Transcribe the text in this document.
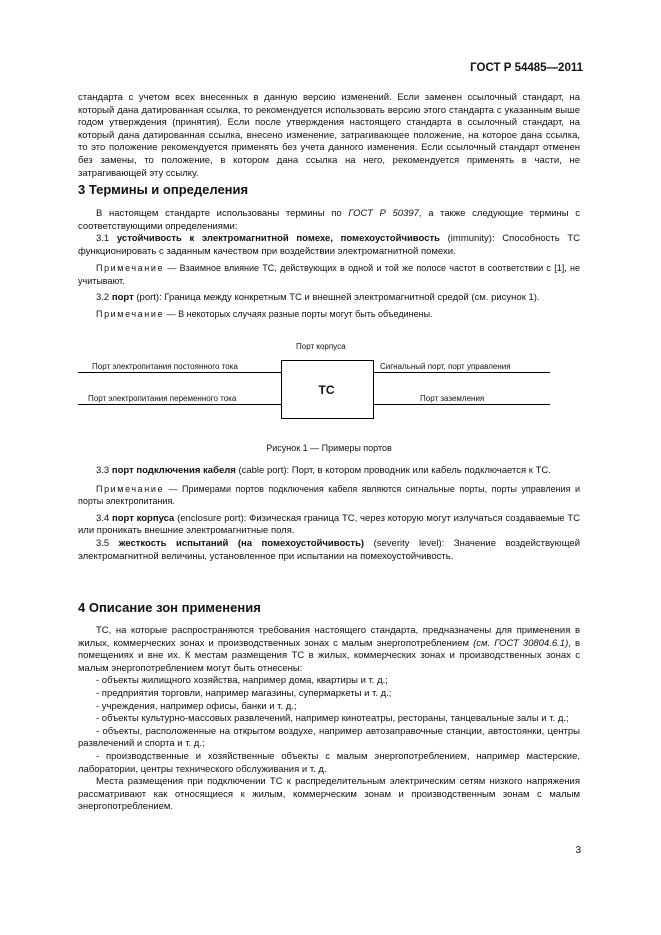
ГОСТ Р 54485—2011
стандарта с учетом всех внесенных в данную версию изменений. Если заменен ссылочный стандарт, на который дана датированная ссылка, то рекомендуется использовать версию этого стандарта с указанным выше годом утверждения (принятия). Если после утверждения настоящего стандарта в ссылочный стандарт, на который дана датированная ссылка, внесено изменение, затрагивающее положение, на которое дана ссылка, то это положение рекомендуется применять без учета данного изменения. Если ссылочный стандарт отменен без замены, то положение, в котором дана ссылка на него, рекомендуется применять в части, не затрагивающей эту ссылку.
3 Термины и определения

В настоящем стандарте использованы термины по ГОСТ Р 50397, а также следующие термины с соответствующими определениями:

3.1 устойчивость к электромагнитной помехе, помехоустойчивость (immunity): Способность ТС функционировать с заданным качеством при воздействии электромагнитной помехи.

Примечание — Взаимное влияние ТС, действующих в одной и той же полосе частот в соответствии с [1], не учитывают.

3.2 порт (port): Граница между конкретным ТС и внешней электромагнитной средой (см. рисунок 1).

Примечание — В некоторых случаях разные порты могут быть объединены.

Порт корпуса
ТС
Порт электропитания постоянного тока
Порт электропитания переменного тока
Сигнальный порт, порт управления
Порт заземления
Рисунок 1 — Примеры портов

3.3 порт подключения кабеля (cable port): Порт, в котором проводник или кабель подключается к ТС.

Примечание — Примерами портов подключения кабеля являются сигнальные порты, порты управления и порты электропитания.

3.4 порт корпуса (enclosure port): Физическая граница ТС, через которую могут излучаться создаваемые ТС или проникать внешние электромагнитные поля.

3.5 жесткость испытаний (на помехоустойчивость) (severity level): Значение воздействующей электромагнитной величины, установленное при испытании на помехоустойчивость.

4 Описание зон применения

ТС, на которые распространяются требования настоящего стандарта, предназначены для применения в жилых, коммерческих зонах и производственных зонах с малым энергопотреблением (см. ГОСТ 30804.6.1), в помещениях и вне их. К местам размещения ТС в жилых, коммерческих зонах и производственных зонах с малым энергопотреблением могут быть отнесены:

- объекты жилищного хозяйства, например дома, квартиры и т. д.;

- предприятия торговли, например магазины, супермаркеты и т. д.;

- учреждения, например офисы, банки и т. д.;

- объекты культурно-массовых развлечений, например кинотеатры, рестораны, танцевальные залы и т. д.;

- объекты, расположенные на открытом воздухе, например автозаправочные станции, автостоянки, центры развлечений и спорта и т. д.;

- производственные и хозяйственные объекты с малым энергопотреблением, например мастерские, лаборатории, центры технического обслуживания и т. д.

Места размещения при подключении ТС к распределительным электрическим сетям низкого напряжения рассматривают как относящиеся к жилым, коммерческим зонам и производственным зонам с малым энергопотреблением.

3
